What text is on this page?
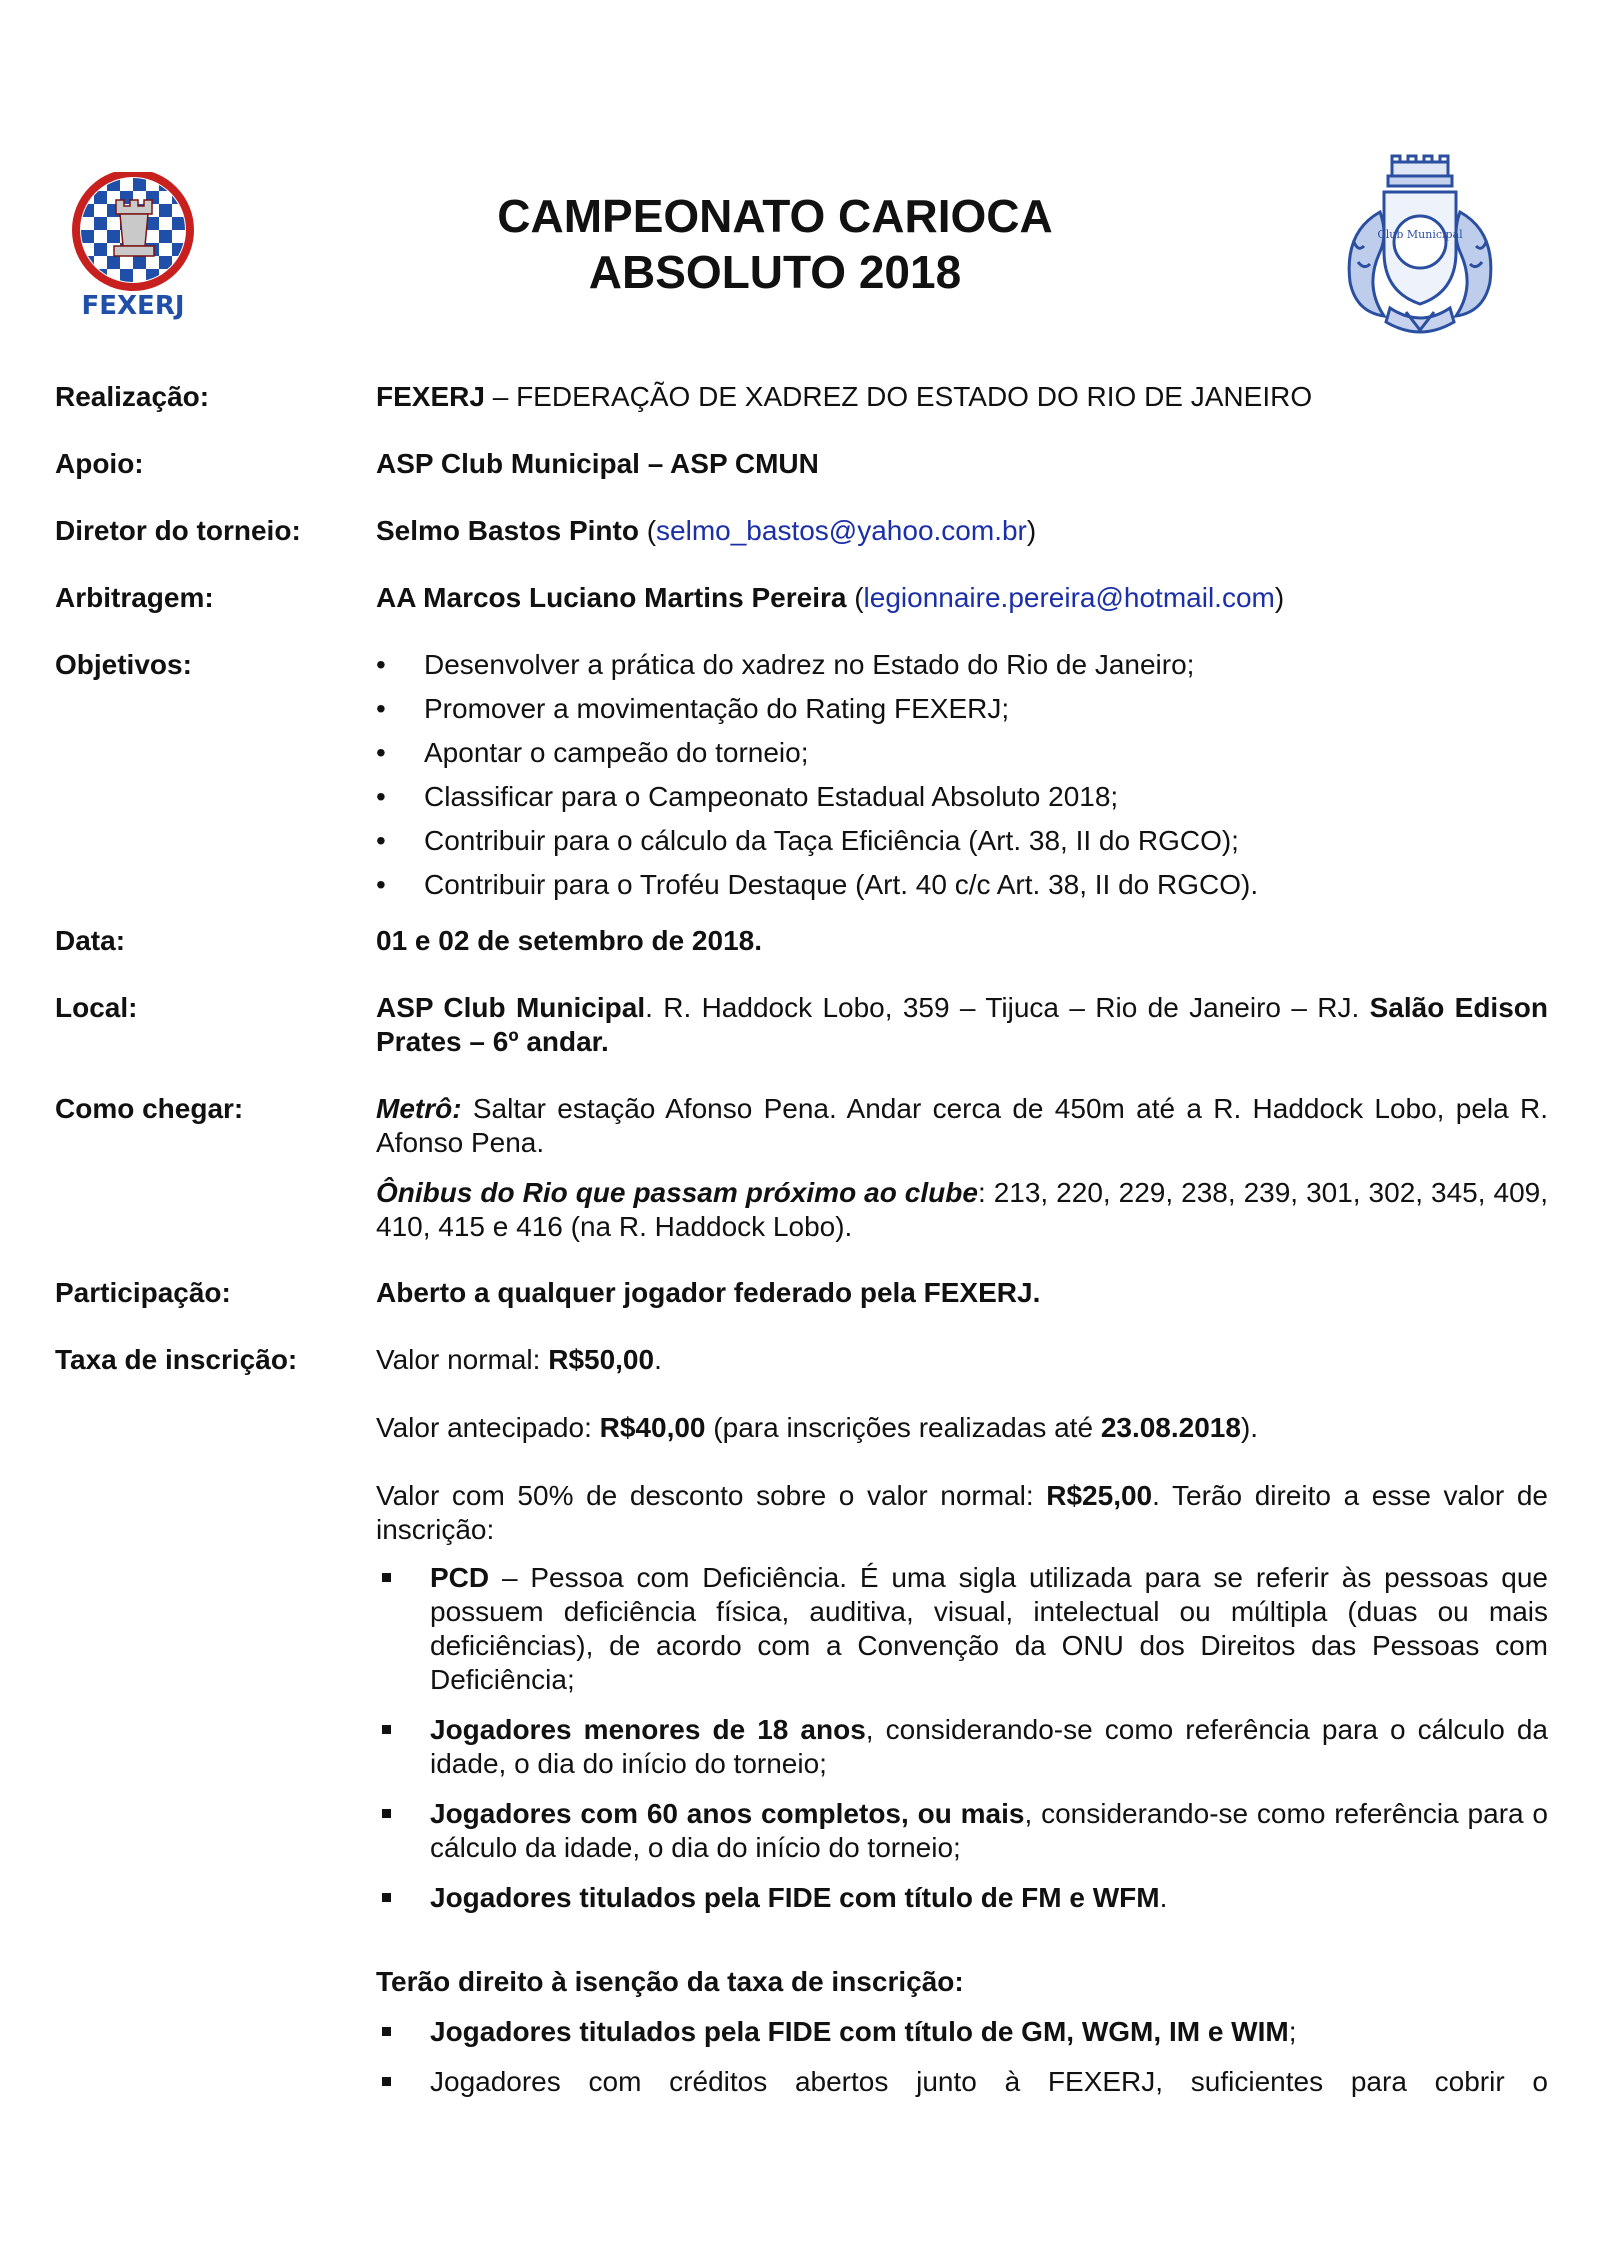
FEXERJ
CAMPEONATO CARIOCA
ABSOLUTO 2018
Club Municipal
Realização:	FEXERJ – FEDERAÇÃO DE XADREZ DO ESTADO DO RIO DE JANEIRO
Apoio:	ASP Club Municipal – ASP CMUN
Diretor do torneio:	Selmo Bastos Pinto (selmo_bastos@yahoo.com.br)
Arbitragem:	AA Marcos Luciano Martins Pereira (legionnaire.pereira@hotmail.com)
Objetivos:	• Desenvolver a prática do xadrez no Estado do Rio de Janeiro;
• Promover a movimentação do Rating FEXERJ;
• Apontar o campeão do torneio;
• Classificar para o Campeonato Estadual Absoluto 2018;
• Contribuir para o cálculo da Taça Eficiência (Art. 38, II do RGCO);
• Contribuir para o Troféu Destaque (Art. 40 c/c Art. 38, II do RGCO).
Data:	01 e 02 de setembro de 2018.
Local:	ASP Club Municipal. R. Haddock Lobo, 359 – Tijuca – Rio de Janeiro – RJ. Salão Edison Prates – 6º andar.
Como chegar:	Metrô: Saltar estação Afonso Pena. Andar cerca de 450m até a R. Haddock Lobo, pela R. Afonso Pena.

Ônibus do Rio que passam próximo ao clube: 213, 220, 229, 238, 239, 301, 302, 345, 409, 410, 415 e 416 (na R. Haddock Lobo).

Participação:	Aberto a qualquer jogador federado pela FEXERJ.
Taxa de inscrição:	Valor normal: R$50,00.

Valor antecipado: R$40,00 (para inscrições realizadas até 23.08.2018).

Valor com 50% de desconto sobre o valor normal: R$25,00. Terão direito a esse valor de inscrição:

PCD – Pessoa com Deficiência. É uma sigla utilizada para se referir às pessoas que possuem deficiência física, auditiva, visual, intelectual ou múltipla (duas ou mais deficiências), de acordo com a Convenção da ONU dos Direitos das Pessoas com Deficiência;
Jogadores menores de 18 anos, considerando-se como referência para o cálculo da idade, o dia do início do torneio;
Jogadores com 60 anos completos, ou mais, considerando-se como referência para o cálculo da idade, o dia do início do torneio;
Jogadores titulados pela FIDE com título de FM e WFM.

Terão direito à isenção da taxa de inscrição:

Jogadores titulados pela FIDE com título de GM, WGM, IM e WIM;
Jogadores com créditos abertos junto à FEXERJ, suficientes para cobrir o
